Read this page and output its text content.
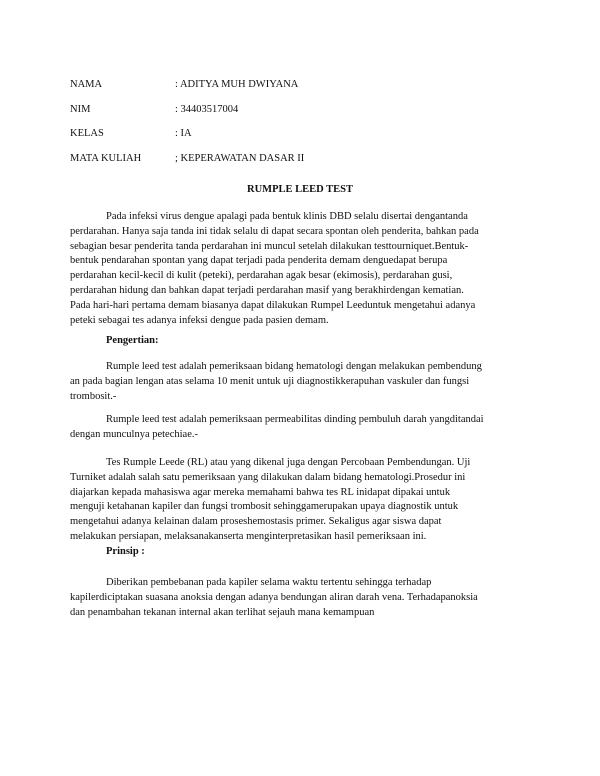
NAMA	: ADITYA MUH DWIYANA
NIM	: 34403517004
KELAS	: IA
MATA KULIAH	; KEPERAWATAN DASAR II
RUMPLE LEED TEST
Pada infeksi virus dengue apalagi pada bentuk klinis DBD selalu disertai dengantanda
perdarahan. Hanya saja tanda ini tidak selalu di dapat secara spontan oleh penderita, bahkan pada
sebagian besar penderita tanda perdarahan ini muncul setelah dilakukan testtourniquet.Bentuk-
bentuk pendarahan spontan yang dapat terjadi pada penderita demam denguedapat berupa
perdarahan kecil-kecil di kulit (peteki), perdarahan agak besar (ekimosis), perdarahan gusi,
perdarahan hidung dan bahkan dapat terjadi perdarahan masif yang berakhirdengan kematian.
Pada hari-hari pertama demam biasanya dapat dilakukan Rumpel Leeduntuk mengetahui adanya
peteki sebagai tes adanya infeksi dengue pada pasien demam.
Pengertian:
Rumple leed test adalah pemeriksaan bidang hematologi dengan melakukan pembendung
an pada bagian lengan atas selama 10 menit untuk uji diagnostikkerapuhan vaskuler dan fungsi
trombosit.-
Rumple leed test adalah pemeriksaan permeabilitas dinding pembuluh darah yangditandai
dengan munculnya petechiae.-
Tes Rumple Leede (RL) atau yang dikenal juga dengan Percobaan Pembendungan. Uji
Turniket adalah salah satu pemeriksaan yang dilakukan dalam bidang hematologi.Prosedur ini
diajarkan kepada mahasiswa agar mereka memahami bahwa tes RL inidapat dipakai untuk
menguji ketahanan kapiler dan fungsi trombosit sehinggamerupakan upaya diagnostik untuk
mengetahui adanya kelainan dalam proseshemostasis primer. Sekaligus agar siswa dapat
melakukan persiapan, melaksanakanserta menginterpretasikan hasil pemeriksaan ini.
Prinsip :
Diberikan pembebanan pada kapiler selama waktu tertentu sehingga terhadap
kapilerdiciptakan suasana anoksia dengan adanya bendungan aliran darah vena. Terhadapanoksia
dan penambahan tekanan internal akan terlihat sejauh mana kemampuan
